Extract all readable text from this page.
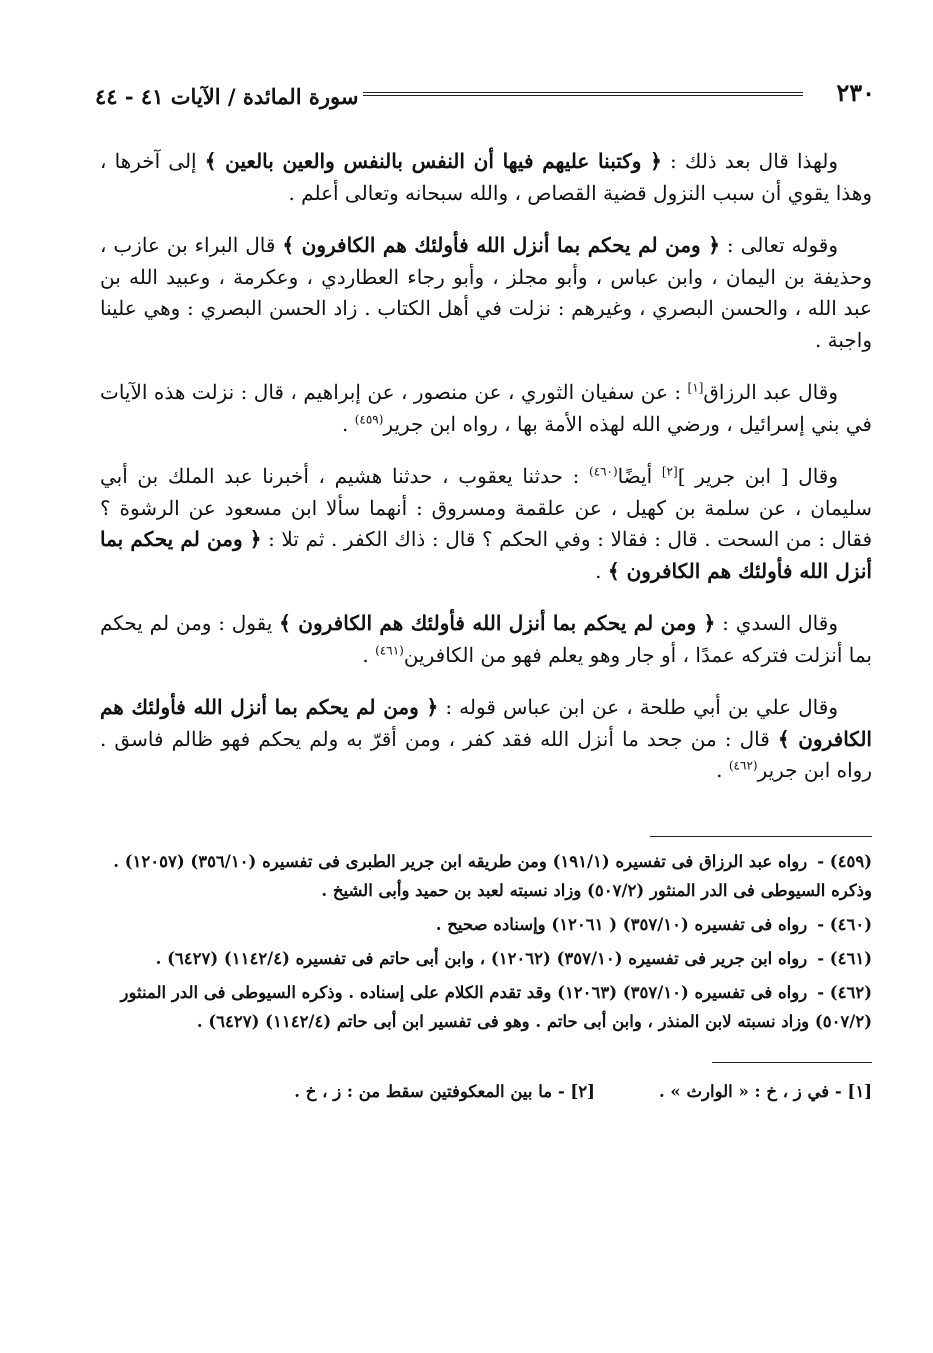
٢٣٠
سورة المائدة / الآيات ٤١ - ٤٤

ولهذا قال بعد ذلك : ﴿ وكتبنا عليهم فيها أن النفس بالنفس والعين بالعين ﴾ إلى آخرها ، وهذا يقوي أن سبب النزول قضية القصاص ، والله سبحانه وتعالى أعلم .

وقوله تعالى : ﴿ ومن لم يحكم بما أنزل الله فأولئك هم الكافرون ﴾ قال البراء بن عازب ، وحذيفة بن اليمان ، وابن عباس ، وأبو مجلز ، وأبو رجاء العطاردي ، وعكرمة ، وعبيد الله بن عبد الله ، والحسن البصري ، وغيرهم : نزلت في أهل الكتاب . زاد الحسن البصري : وهي علينا واجبة .

وقال عبد الرزاق[١] : عن سفيان الثوري ، عن منصور ، عن إبراهيم ، قال : نزلت هذه الآيات في بني إسرائيل ، ورضي الله لهذه الأمة بها ، رواه ابن جرير$^{(٤٥٩)}$ .

وقال [ ابن جرير ][٢] أيضًا$^{(٤٦٠)}$ : حدثنا يعقوب ، حدثنا هشيم ، أخبرنا عبد الملك بن أبي سليمان ، عن سلمة بن كهيل ، عن علقمة ومسروق : أنهما سألا ابن مسعود عن الرشوة ؟ فقال : من السحت . قال : فقالا : وفي الحكم ؟ قال : ذاك الكفر . ثم تلا : ﴿ ومن لم يحكم بما أنزل الله فأولئك هم الكافرون ﴾ .

وقال السدي : ﴿ ومن لم يحكم بما أنزل الله فأولئك هم الكافرون ﴾ يقول : ومن لم يحكم بما أنزلت فتركه عمدًا ، أو جار وهو يعلم فهو من الكافرين$^{(٤٦١)}$ .

وقال علي بن أبي طلحة ، عن ابن عباس قوله : ﴿ ومن لم يحكم بما أنزل الله فأولئك هم الكافرون ﴾ قال : من جحد ما أنزل الله فقد كفر ، ومن أقرّ به ولم يحكم فهو ظالم فاسق . رواه ابن جرير$^{(٤٦٢)}$ .

(٤٥٩) -رواه عبد الرزاق فى تفسيره (١٩١/١) ومن طريقه ابن جرير الطبرى فى تفسيره (٣٥٦/١٠) (١٢٠٥٧) . وذكره السيوطى فى الدر المنثور (٥٠٧/٢) وزاد نسبته لعبد بن حميد وأبى الشيخ .
(٤٦٠) -رواه فى تفسيره (٣٥٧/١٠) ( ١٢٠٦١) وإسناده صحيح .
(٤٦١) -رواه ابن جرير فى تفسيره (٣٥٧/١٠) (١٢٠٦٢) ، وابن أبى حاتم فى تفسيره (١١٤٢/٤) (٦٤٢٧) .
(٤٦٢) -رواه فى تفسيره (٣٥٧/١٠) (١٢٠٦٣) وقد تقدم الكلام على إسناده . وذكره السيوطى فى الدر المنثور (٥٠٧/٢) وزاد نسبته لابن المنذر ، وابن أبى حاتم . وهو فى تفسير ابن أبى حاتم (١١٤٢/٤) (٦٤٢٧) .
[١] - في ز ، خ : « الوارث » .
[٢] - ما بين المعكوفتين سقط من : ز ، خ .
